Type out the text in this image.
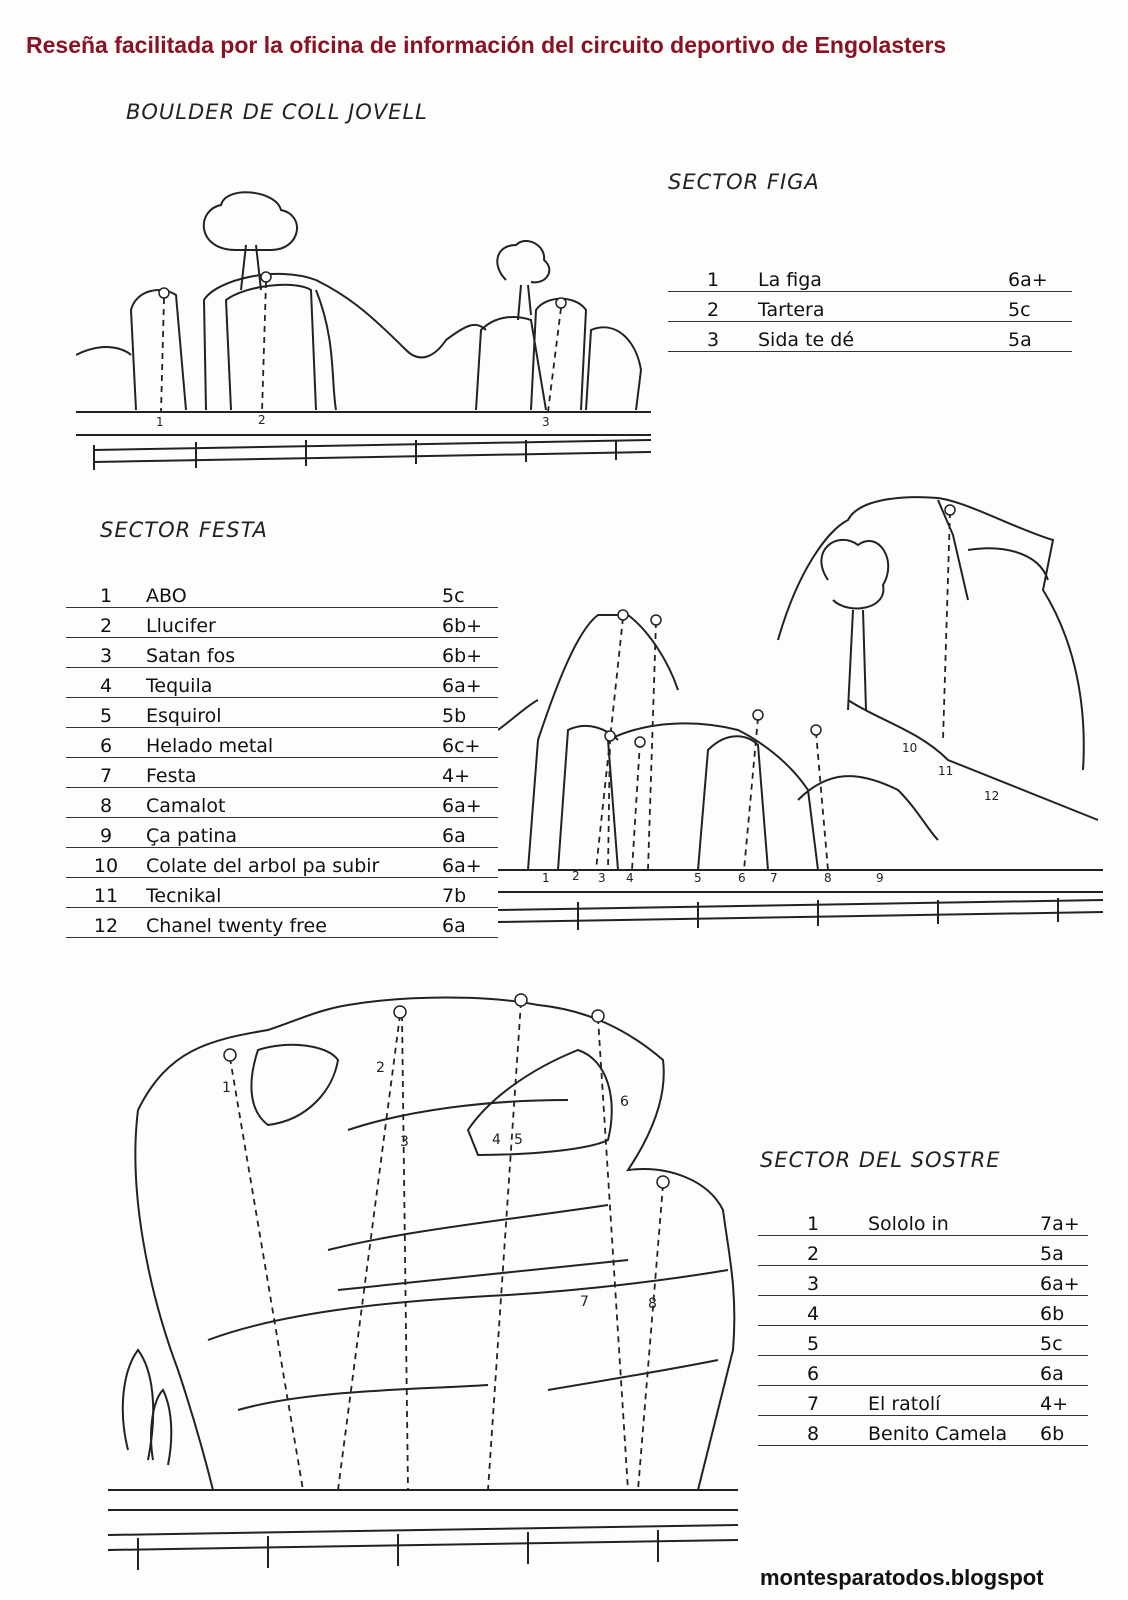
Reseña facilitada por la oficina de información del circuito deportivo de Engolasters
BOULDER DE COLL JOVELL
SECTOR FIGA
1	La figa	6a+
2	Tartera	5c
3	Sida te dé	5a
1	2	3
SECTOR FESTA
1	ABO	5c
2	Llucifer	6b+
3	Satan fos	6b+
4	Tequila	6a+
5	Esquirol	5b
6	Helado metal	6c+
7	Festa	4+
8	Camalot	6a+
9	Ça patina	6a
10	Colate del arbol pa subir	6a+
11	Tecnikal	7b
12	Chanel twenty free	6a
1 2 3 4	5	6 7	8	9
10
11
12
SECTOR DEL SOSTRE
1	Sololo in	7a+
2		5a
3		6a+
4		6b
5		5c
6		6a
7	El ratolí	4+
8	Benito Camela	6b
1
2
3	4 5
6
7	8
montesparatodos.blogspot
